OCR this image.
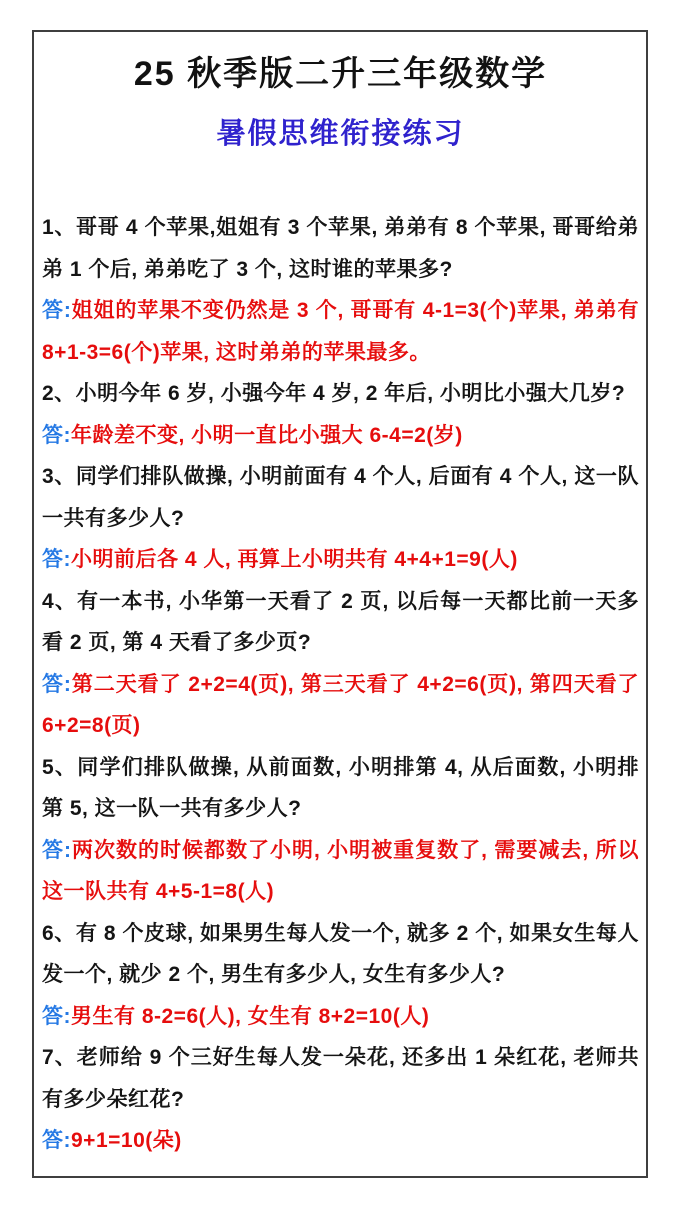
25 秋季版二升三年级数学
暑假思维衔接练习

1、哥哥 4 个苹果,姐姐有 3 个苹果, 弟弟有 8 个苹果, 哥哥给弟弟 1 个后, 弟弟吃了 3 个, 这时谁的苹果多?

答:姐姐的苹果不变仍然是 3 个, 哥哥有 4-1=3(个)苹果, 弟弟有 8+1-3=6(个)苹果, 这时弟弟的苹果最多。

2、小明今年 6 岁, 小强今年 4 岁, 2 年后, 小明比小强大几岁?

答:年龄差不变, 小明一直比小强大 6-4=2(岁)

3、同学们排队做操, 小明前面有 4 个人, 后面有 4 个人, 这一队一共有多少人?

答:小明前后各 4 人, 再算上小明共有 4+4+1=9(人)

4、有一本书, 小华第一天看了 2 页, 以后每一天都比前一天多看 2 页, 第 4 天看了多少页?

答:第二天看了 2+2=4(页), 第三天看了 4+2=6(页), 第四天看了 6+2=8(页)

5、同学们排队做操, 从前面数, 小明排第 4, 从后面数, 小明排第 5, 这一队一共有多少人?

答:两次数的时候都数了小明, 小明被重复数了, 需要减去, 所以这一队共有 4+5-1=8(人)

6、有 8 个皮球, 如果男生每人发一个, 就多 2 个, 如果女生每人发一个, 就少 2 个, 男生有多少人, 女生有多少人?

答:男生有 8-2=6(人), 女生有 8+2=10(人)

7、老师给 9 个三好生每人发一朵花, 还多出 1 朵红花, 老师共有多少朵红花?

答:9+1=10(朵)
